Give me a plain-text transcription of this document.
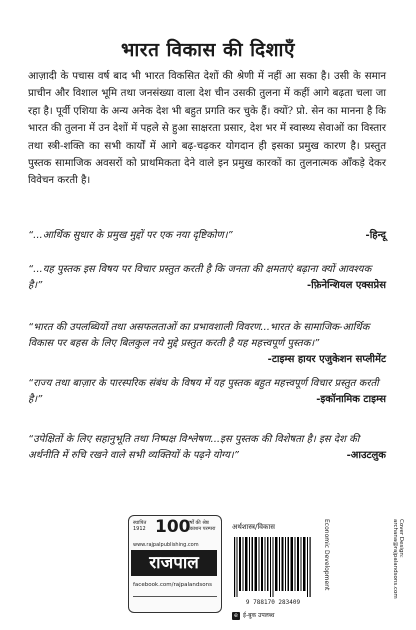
भारत विकास की दिशाएँ
आज़ादी के पचास वर्ष बाद भी भारत विकसित देशों की श्रेणी में नहीं आ सका है। उसी के समान प्राचीन और विशाल भूमि तथा जनसंख्या वाला देश चीन उसकी तुलना में कहीं आगे बढ़ता चला जा रहा है। पूर्वी एशिया के अन्य अनेक देश भी बहुत प्रगति कर चुके हैं। क्यों? प्रो. सेन का मानना है कि भारत की तुलना में उन देशों में पहले से हुआ साक्षरता प्रसार, देश भर में स्वास्थ्य सेवाओं का विस्तार तथा स्त्री-शक्ति का सभी कार्यों में आगे बढ़-चढ़कर योगदान ही इसका प्रमुख कारण है। प्रस्तुत पुस्तक सामाजिक अवसरों को प्राथमिकता देने वाले इन प्रमुख कारकों का तुलनात्मक आँकड़े देकर विवेचन करती है।
“...आर्थिक सुधार के प्रमुख मुद्दों पर एक नया दृष्टिकोण।”	-हिन्दू
“...यह पुस्तक इस विषय पर विचार प्रस्तुत करती है कि जनता की क्षमताएं बढ़ाना क्यों आवश्यक है।”	-फ़िनेन्शियल एक्सप्रेस
“भारत की उपलब्धियों तथा असफलताओं का प्रभावशाली विवरण...भारत के सामाजिक-आर्थिक विकास पर बहस के लिए बिलकुल नये मुद्दे प्रस्तुत करती है यह महत्त्वपूर्ण पुस्तक।”
-टाइम्स हायर एजुकेशन सप्लीमेंट
“राज्य तथा बाज़ार के पारस्परिक संबंध के विषय में यह पुस्तक बहुत महत्त्वपूर्ण विचार प्रस्तुत करती है।”	-इकॉनामिक टाइम्स
“उपेक्षितों के लिए सहानुभूति तथा निष्पक्ष विश्लेषण...इस पुस्तक की विशेषता है। इस देश की अर्थनीति में रुचि रखने वाले सभी व्यक्तियों के पढ़ने योग्य।”	-आउटलुक
स्थापित 1912 100
वर्षों की श्रेष्ठ प्रकाशन परम्परा
www.rajpalpublishing.com
राजपाल
facebook.com/rajpalandsons
अर्थशास्त्र/विकास
9 788170 283409
e ई-बुक उपलब्ध
Economic Development	Cover Design: archana@rajpalandsons.com
